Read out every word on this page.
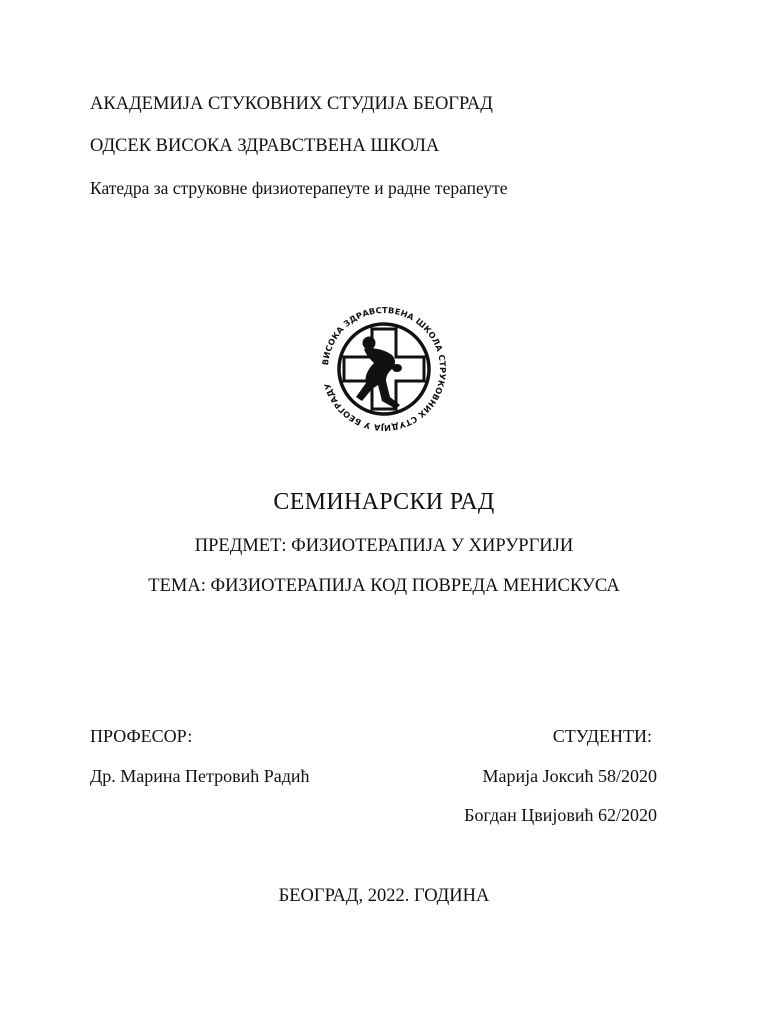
АКАДЕМИЈА СТУКОВНИХ СТУДИЈА БЕОГРАД
ОДСЕК ВИСОКА ЗДРАВСТВЕНА ШКОЛА
Катедра за струковне физиотерапеуте и радне терапеуте
ВИСОКА ЗДРАВСТВЕНА ШКОЛА СТРУКОВНИХ СТУДИЈА У БЕОГРАДУ
СЕМИНАРСКИ РАД
ПРЕДМЕТ: ФИЗИОТЕРАПИЈА У ХИРУРГИЈИ
ТЕМА: ФИЗИОТЕРАПИЈА КОД ПОВРЕДА МЕНИСКУСА
ПРОФЕСОР:	СТУДЕНТИ:
Др. Марина Петровић Радић	Марија Јоксић 58/2020
Богдан Цвијовић 62/2020
БЕОГРАД, 2022. ГОДИНА
